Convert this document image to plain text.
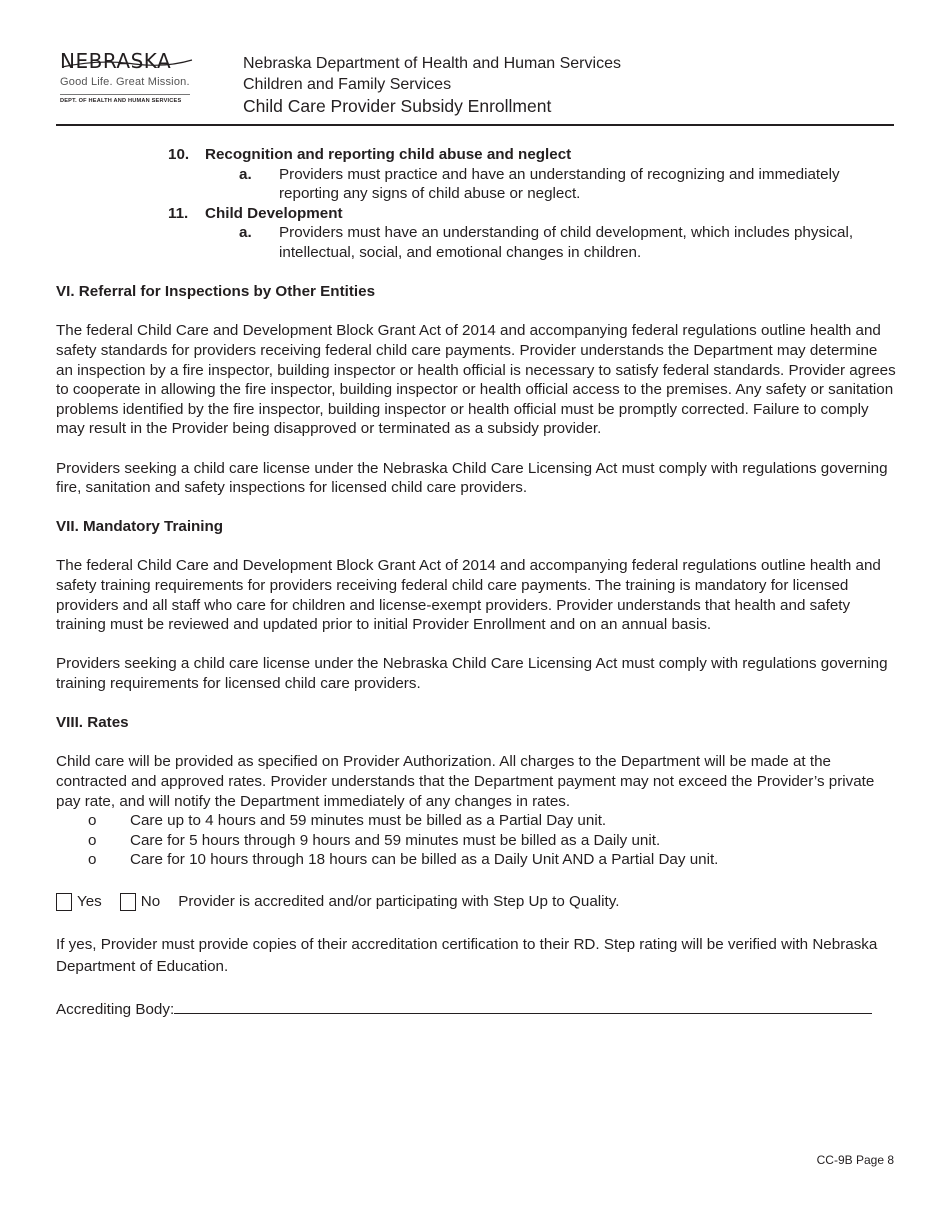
NEBRASKA
Good Life. Great Mission.
DEPT. OF HEALTH AND HUMAN SERVICES
Nebraska Department of Health and Human Services
Children and Family Services
Child Care Provider Subsidy Enrollment
10. Recognition and reporting child abuse and neglect
a. Providers must practice and have an understanding of recognizing and immediately reporting any signs of child abuse or neglect.
11. Child Development
a. Providers must have an understanding of child development, which includes physical, intellectual, social, and emotional changes in children.
VI. Referral for Inspections by Other Entities

The federal Child Care and Development Block Grant Act of 2014 and accompanying federal regulations outline health and safety standards for providers receiving federal child care payments. Provider understands the Department may determine an inspection by a fire inspector, building inspector or health official is necessary to satisfy federal standards. Provider agrees to cooperate in allowing the fire inspector, building inspector or health official access to the premises. Any safety or sanitation problems identified by the fire inspector, building inspector or health official must be promptly corrected. Failure to comply may result in the Provider being disapproved or terminated as a subsidy provider.

Providers seeking a child care license under the Nebraska Child Care Licensing Act must comply with regulations governing fire, sanitation and safety inspections for licensed child care providers.

VII. Mandatory Training

The federal Child Care and Development Block Grant Act of 2014 and accompanying federal regulations outline health and safety training requirements for providers receiving federal child care payments. The training is mandatory for licensed providers and all staff who care for children and license-exempt providers. Provider understands that health and safety training must be reviewed and updated prior to initial Provider Enrollment and on an annual basis.

Providers seeking a child care license under the Nebraska Child Care Licensing Act must comply with regulations governing training requirements for licensed child care providers.

VIII. Rates

Child care will be provided as specified on Provider Authorization. All charges to the Department will be made at the contracted and approved rates. Provider understands that the Department payment may not exceed the Provider’s private pay rate, and will notify the Department immediately of any changes in rates.

o Care up to 4 hours and 59 minutes must be billed as a Partial Day unit.
o Care for 5 hours through 9 hours and 59 minutes must be billed as a Daily unit.
o Care for 10 hours through 18 hours can be billed as a Daily Unit AND a Partial Day unit.
Yes	No Provider is accredited and/or participating with Step Up to Quality.
If yes, Provider must provide copies of their accreditation certification to their RD. Step rating will be verified with Nebraska Department of Education.
Accrediting Body:
CC-9B Page 8
